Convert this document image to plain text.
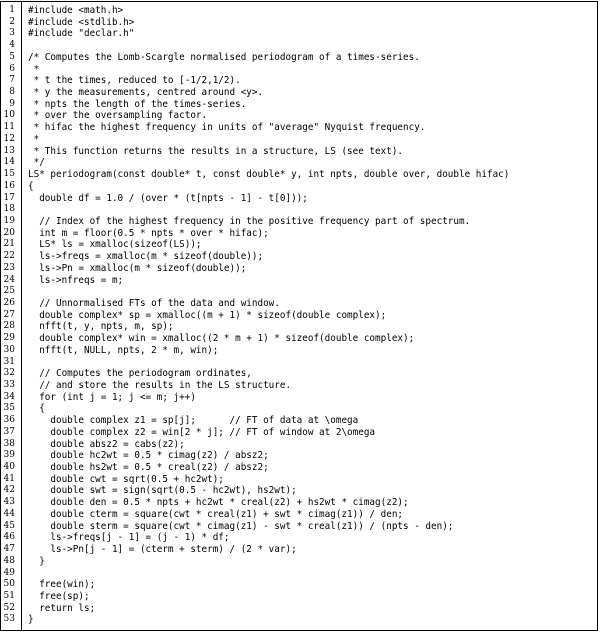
1	#include <math.h>
2	#include <stdlib.h>
3	#include "declar.h"
4
5	/* Computes the Lomb-Scargle normalised periodogram of a times-series.
6	*
7	* t the times, reduced to [-1/2,1/2).
8	* y the measurements, centred around <y>.
9	* npts the length of the times-series.
10	* over the oversampling factor.
11	* hifac the highest frequency in units of "average" Nyquist frequency.
12	*
13	* This function returns the results in a structure, LS (see text).
14	*/
15	LS* periodogram(const double* t, const double* y, int npts, double over, double hifac)
16	{
17	double df = 1.0 / (over * (t[npts - 1] - t[0]));
18
19	// Index of the highest frequency in the positive frequency part of spectrum.
20	int m = floor(0.5 * npts * over * hifac);
21	LS* ls = xmalloc(sizeof(LS));
22	ls->freqs = xmalloc(m * sizeof(double));
23	ls->Pn = xmalloc(m * sizeof(double));
24	ls->nfreqs = m;
25
26	// Unnormalised FTs of the data and window.
27	double complex* sp = xmalloc((m + 1) * sizeof(double complex);
28	nfft(t, y, npts, m, sp);
29	double complex* win = xmalloc((2 * m + 1) * sizeof(double complex);
30	nfft(t, NULL, npts, 2 * m, win);
31
32	// Computes the periodogram ordinates,
33	// and store the results in the LS structure.
34	for (int j = 1; j <= m; j++)
35	{
36	double complex z1 = sp[j];      // FT of data at \omega
37	double complex z2 = win[2 * j]; // FT of window at 2\omega
38	double absz2 = cabs(z2);
39	double hc2wt = 0.5 * cimag(z2) / absz2;
40	double hs2wt = 0.5 * creal(z2) / absz2;
41	double cwt = sqrt(0.5 + hc2wt);
42	double swt = sign(sqrt(0.5 - hc2wt), hs2wt);
43	double den = 0.5 * npts + hc2wt * creal(z2) + hs2wt * cimag(z2);
44	double cterm = square(cwt * creal(z1) + swt * cimag(z1)) / den;
45	double sterm = square(cwt * cimag(z1) - swt * creal(z1)) / (npts - den);
46	ls->freqs[j - 1] = (j - 1) * df;
47	ls->Pn[j - 1] = (cterm + sterm) / (2 * var);
48	}
49
50	free(win);
51	free(sp);
52	return ls;
53	}
